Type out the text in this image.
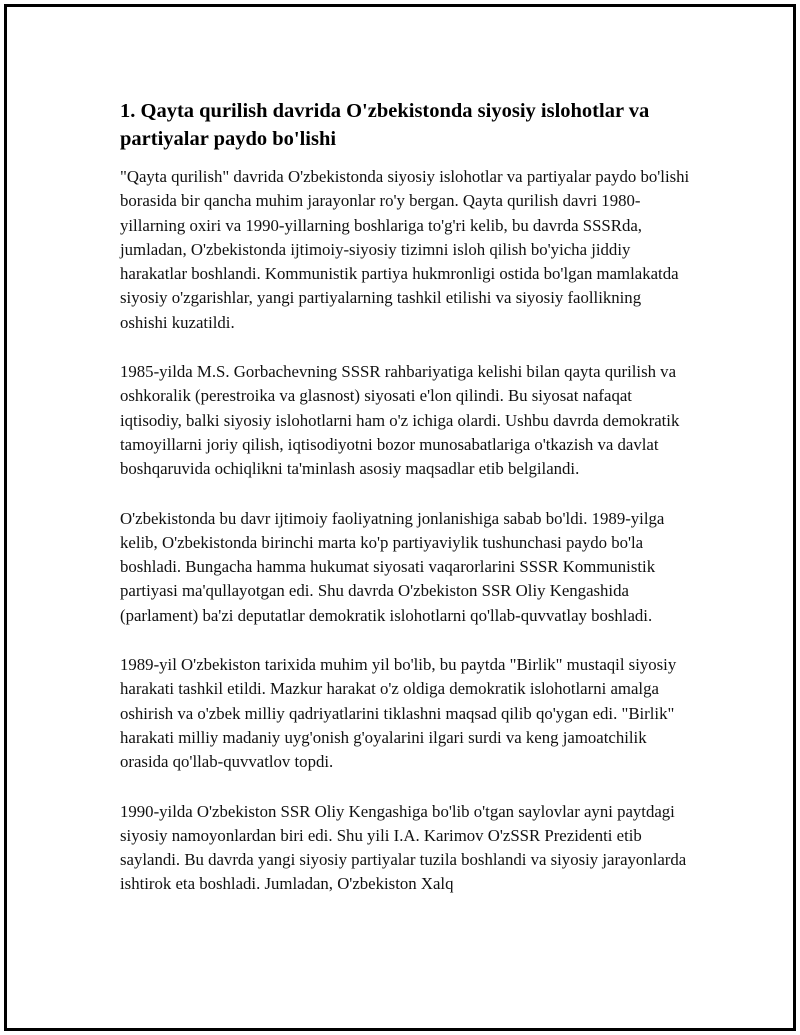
1. Qayta qurilish davrida O'zbekistonda siyosiy islohotlar va partiyalar paydo bo'lishi

"Qayta qurilish" davrida O'zbekistonda siyosiy islohotlar va partiyalar paydo bo'lishi borasida bir qancha muhim jarayonlar ro'y bergan. Qayta qurilish davri 1980-yillarning oxiri va 1990-yillarning boshlariga to'g'ri kelib, bu davrda SSSRda, jumladan, O'zbekistonda ijtimoiy-siyosiy tizimni isloh qilish bo'yicha jiddiy harakatlar boshlandi. Kommunistik partiya hukmronligi ostida bo'lgan mamlakatda siyosiy o'zgarishlar, yangi partiyalarning tashkil etilishi va siyosiy faollikning oshishi kuzatildi.

1985-yilda M.S. Gorbachevning SSSR rahbariyatiga kelishi bilan qayta qurilish va oshkoralik (perestroika va glasnost) siyosati e'lon qilindi. Bu siyosat nafaqat iqtisodiy, balki siyosiy islohotlarni ham o'z ichiga olardi. Ushbu davrda demokratik tamoyillarni joriy qilish, iqtisodiyotni bozor munosabatlariga o'tkazish va davlat boshqaruvida ochiqlikni ta'minlash asosiy maqsadlar etib belgilandi.

O'zbekistonda bu davr ijtimoiy faoliyatning jonlanishiga sabab bo'ldi. 1989-yilga kelib, O'zbekistonda birinchi marta ko'p partiyaviylik tushunchasi paydo bo'la boshladi. Bungacha hamma hukumat siyosati vaqarorlarini SSSR Kommunistik partiyasi ma'qullayotgan edi. Shu davrda O'zbekiston SSR Oliy Kengashida (parlament) ba'zi deputatlar demokratik islohotlarni qo'llab-quvvatlay boshladi.

1989-yil O'zbekiston tarixida muhim yil bo'lib, bu paytda "Birlik" mustaqil siyosiy harakati tashkil etildi. Mazkur harakat o'z oldiga demokratik islohotlarni amalga oshirish va o'zbek milliy qadriyatlarini tiklashni maqsad qilib qo'ygan edi. "Birlik" harakati milliy madaniy uyg'onish g'oyalarini ilgari surdi va keng jamoatchilik orasida qo'llab-quvvatlov topdi.

1990-yilda O'zbekiston SSR Oliy Kengashiga bo'lib o'tgan saylovlar ayni paytdagi siyosiy namoyonlardan biri edi. Shu yili I.A. Karimov O'zSSR Prezidenti etib saylandi. Bu davrda yangi siyosiy partiyalar tuzila boshlandi va siyosiy jarayonlarda ishtirok eta boshladi. Jumladan, O'zbekiston Xalq
